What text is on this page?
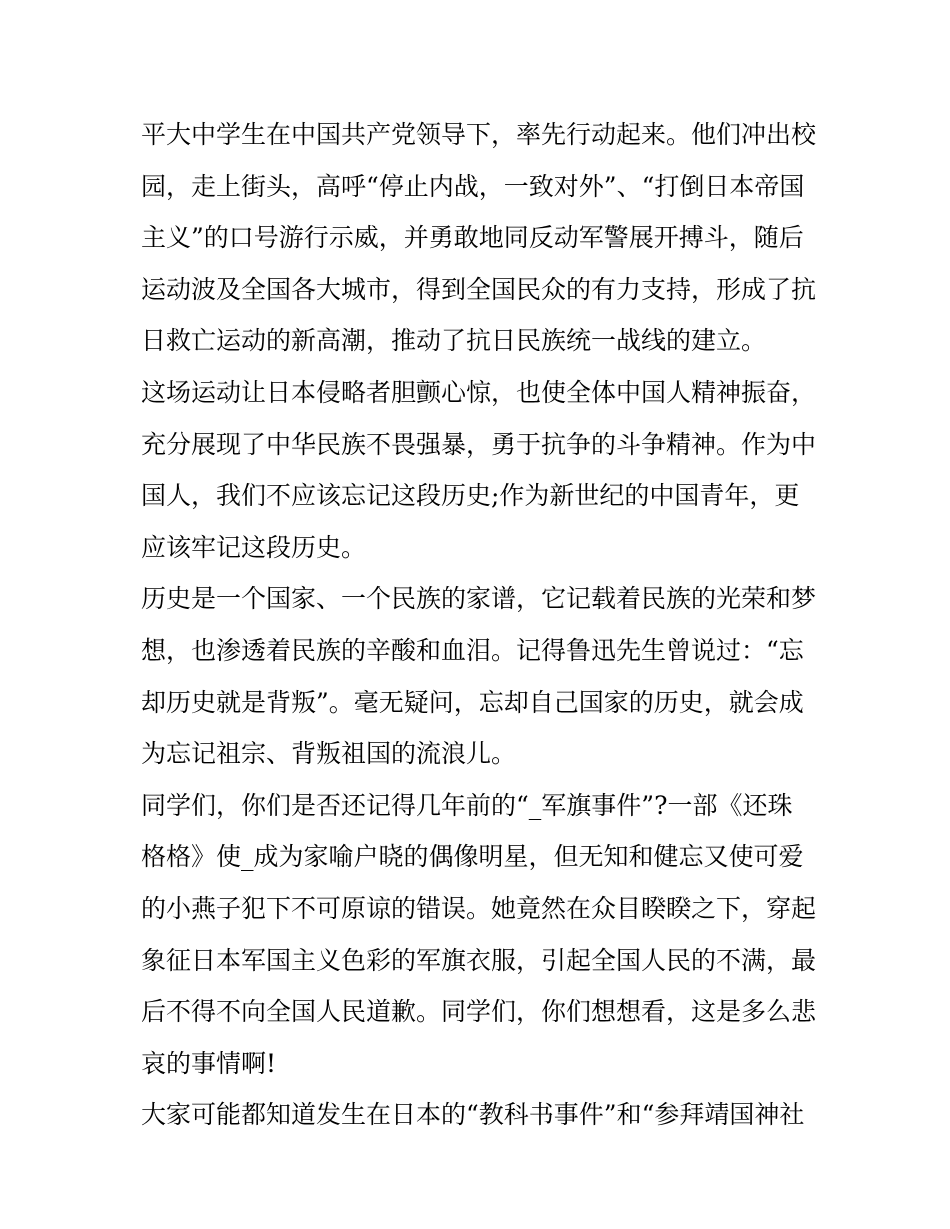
平大中学生在中国共产党领导下，率先行动起来。他们冲出校
园，走上街头，高呼“停止内战，一致对外”、“打倒日本帝国
主义”的口号游行示威，并勇敢地同反动军警展开搏斗，随后
运动波及全国各大城市，得到全国民众的有力支持，形成了抗
日救亡运动的新高潮，推动了抗日民族统一战线的建立。
这场运动让日本侵略者胆颤心惊，也使全体中国人精神振奋，
充分展现了中华民族不畏强暴，勇于抗争的斗争精神。作为中
国人，我们不应该忘记这段历史;作为新世纪的中国青年，更
应该牢记这段历史。
历史是一个国家、一个民族的家谱，它记载着民族的光荣和梦
想，也渗透着民族的辛酸和血泪。记得鲁迅先生曾说过：“忘
却历史就是背叛”。毫无疑问，忘却自己国家的历史，就会成
为忘记祖宗、背叛祖国的流浪儿。
同学们，你们是否还记得几年前的“_军旗事件”?一部《还珠
格格》使_成为家喻户晓的偶像明星，但无知和健忘又使可爱
的小燕子犯下不可原谅的错误。她竟然在众目睽睽之下，穿起
象征日本军国主义色彩的军旗衣服，引起全国人民的不满，最
后不得不向全国人民道歉。同学们，你们想想看，这是多么悲
哀的事情啊!
大家可能都知道发生在日本的“教科书事件”和“参拜靖国神社
